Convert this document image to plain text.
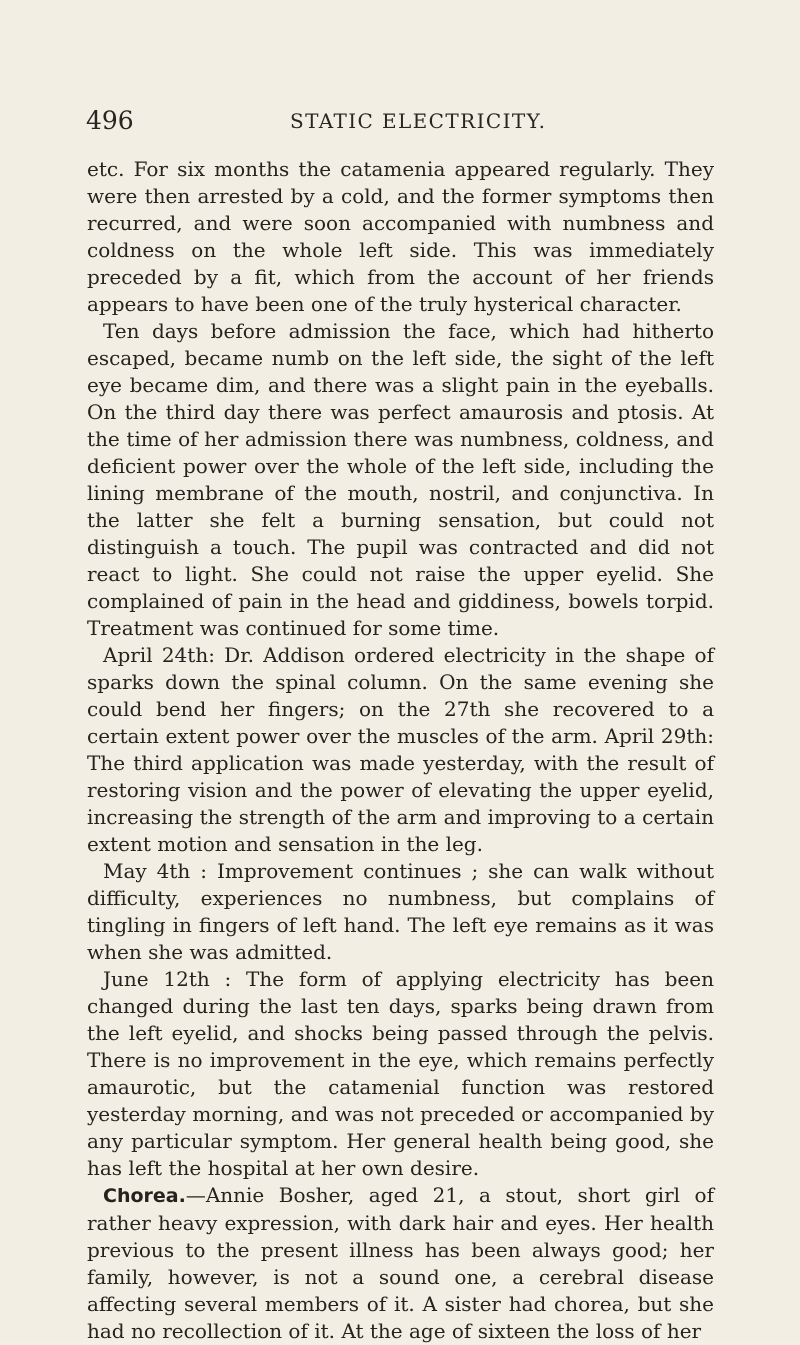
496	STATIC ELECTRICITY.

etc. For six months the catamenia appeared regularly. They were then arrested by a cold, and the former symptoms then recurred, and were soon accompanied with numbness and coldness on the whole left side. This was immediately preceded by a fit, which from the account of her friends appears to have been one of the truly hysterical character.

Ten days before admission the face, which had hitherto escaped, became numb on the left side, the sight of the left eye became dim, and there was a slight pain in the eyeballs. On the third day there was perfect amaurosis and ptosis. At the time of her admission there was numbness, coldness, and deficient power over the whole of the left side, including the lining membrane of the mouth, nostril, and conjunctiva. In the latter she felt a burning sensation, but could not distinguish a touch. The pupil was contracted and did not react to light. She could not raise the upper eyelid. She complained of pain in the head and giddiness, bowels torpid. Treatment was continued for some time.

April 24th: Dr. Addison ordered electricity in the shape of sparks down the spinal column. On the same evening she could bend her fingers; on the 27th she recovered to a certain extent power over the muscles of the arm. April 29th: The third application was made yesterday, with the result of restoring vision and the power of elevating the upper eyelid, increasing the strength of the arm and improving to a certain extent motion and sensation in the leg.

May 4th : Improvement continues ; she can walk without difficulty, experiences no numbness, but complains of tingling in fingers of left hand. The left eye remains as it was when she was admitted.

June 12th : The form of applying electricity has been changed during the last ten days, sparks being drawn from the left eyelid, and shocks being passed through the pelvis. There is no improvement in the eye, which remains perfectly amaurotic, but the catamenial function was restored yesterday morning, and was not preceded or accompanied by any particular symptom. Her general health being good, she has left the hospital at her own desire.

Chorea.—Annie Bosher, aged 21, a stout, short girl of rather heavy expression, with dark hair and eyes. Her health previous to the present illness has been always good; her family, however, is not a sound one, a cerebral disease affecting several members of it. A sister had chorea, but she had no recollection of it. At the age of sixteen the loss of her
